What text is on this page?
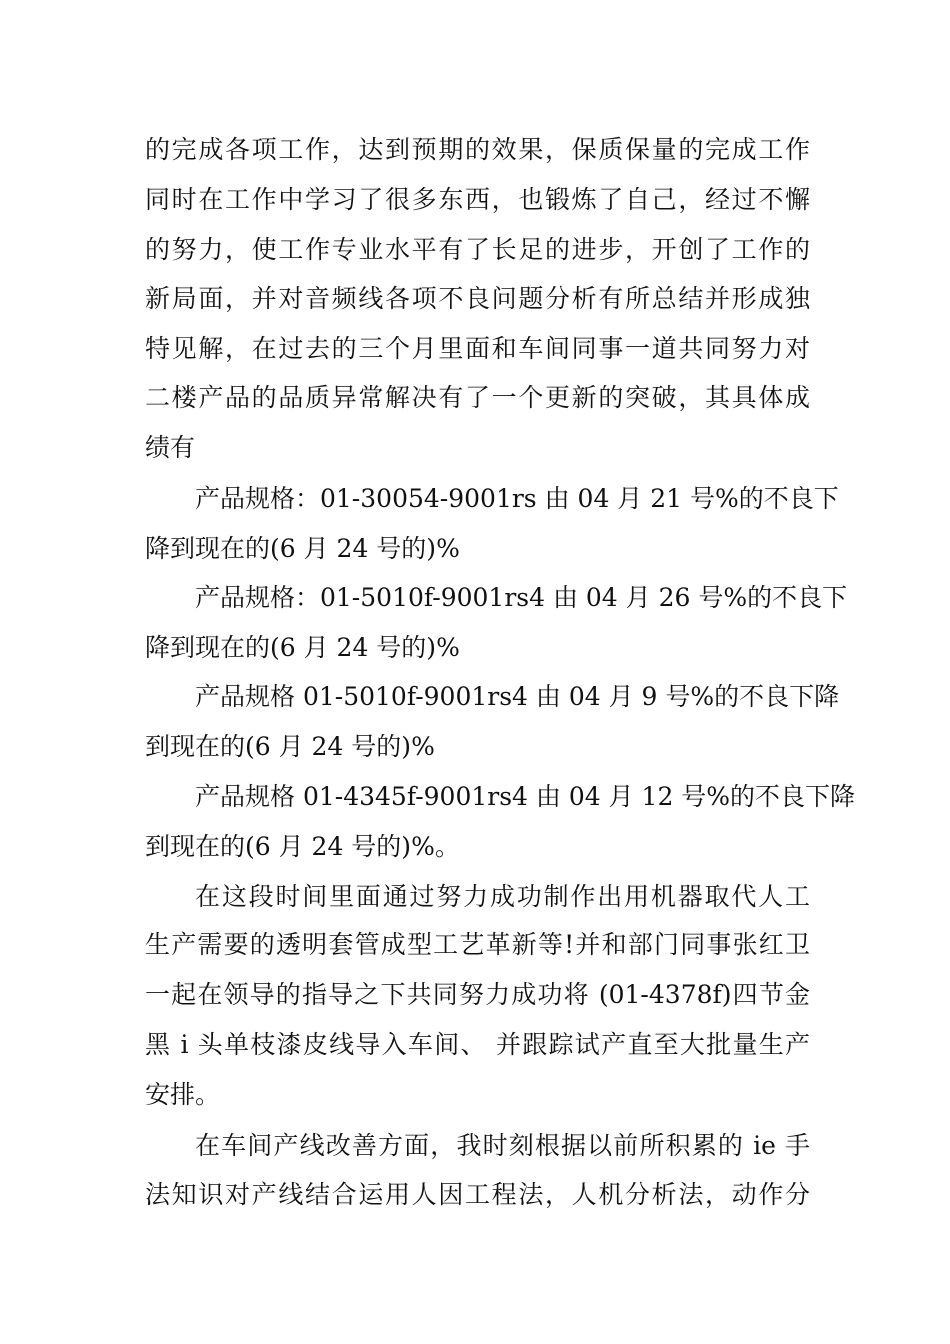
的完成各项工作，达到预期的效果，保质保量的完成工作
同时在工作中学习了很多东西，也锻炼了自己，经过不懈
的努力，使工作专业水平有了长足的进步，开创了工作的
新局面，并对音频线各项不良问题分析有所总结并形成独
特见解，在过去的三个月里面和车间同事一道共同努力对
二楼产品的品质异常解决有了一个更新的突破，其具体成
绩有
产品规格：01-30054-9001rs 由 04 月 21 号%的不良下
降到现在的(6 月 24 号的)%
产品规格：01-5010f-9001rs4 由 04 月 26 号%的不良下
降到现在的(6 月 24 号的)%
产品规格 01-5010f-9001rs4 由 04 月 9 号%的不良下降
到现在的(6 月 24 号的)%
产品规格 01-4345f-9001rs4 由 04 月 12 号%的不良下降
到现在的(6 月 24 号的)%。
在这段时间里面通过努力成功制作出用机器取代人工
生产需要的透明套管成型工艺革新等!并和部门同事张红卫
一起在领导的指导之下共同努力成功将 (01-4378f)四节金
黑 i 头单枝漆皮线导入车间、 并跟踪试产直至大批量生产
安排。
在车间产线改善方面，我时刻根据以前所积累的 ie 手
法知识对产线结合运用人因工程法，人机分析法，动作分
